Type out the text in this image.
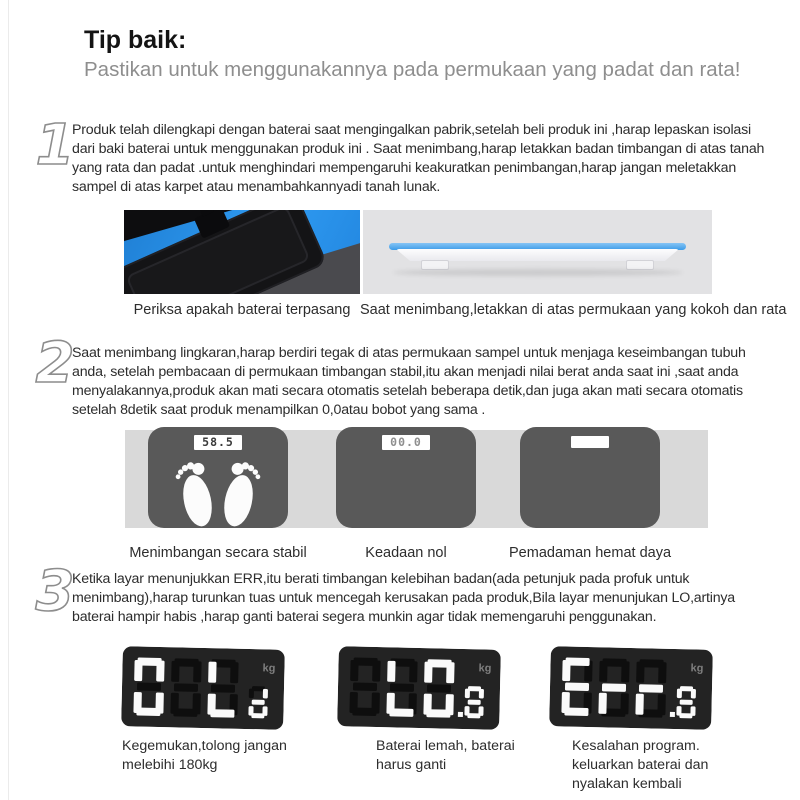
Tip baik:

Pastikan untuk menggunakannya pada permukaan yang padat dan rata!

1

Produk telah dilengkapi dengan baterai saat mengingalkan pabrik,setelah beli produk ini ,harap lepaskan isolasi dari baki baterai untuk menggunakan produk ini . Saat menimbang,harap letakkan badan timbangan di atas tanah yang rata dan padat .untuk menghindari mempengaruhi keakuratkan penimbangan,harap jangan meletakkan sampel di atas karpet atau menambahkannyadi tanah lunak.

Periksa apakah baterai terpasang Saat menimbang,letakkan di atas permukaan yang kokoh dan rata
2

Saat menimbang lingkaran,harap berdiri tegak di atas permukaan sampel untuk menjaga keseimbangan tubuh anda, setelah pembacaan di permukaan timbangan stabil,itu akan menjadi nilai berat anda saat ini ,saat anda menyalakannya,produk akan mati secara otomatis setelah beberapa detik,dan juga akan mati secara otomatis setelah 8detik saat produk menampilkan 0,0atau bobot yang sama .

58.5	00.0
Menimbangan secara stabil	Keadaan nol	Pemadaman hemat daya
3

Ketika layar menunjukkan ERR,itu berati timbangan kelebihan badan(ada petunjuk pada profuk untuk menimbang),harap turunkan tuas untuk mencegah kerusakan pada produk,Bila layar menunjukan LO,artinya baterai hampir habis ,harap ganti baterai segera munkin agar tidak memengaruhi penggunakan.

kg	kg	kg
Kegemukan,tolong jangan melebihi 180kg
Baterai lemah, baterai harus ganti
Kesalahan program. keluarkan baterai dan nyalakan kembali
